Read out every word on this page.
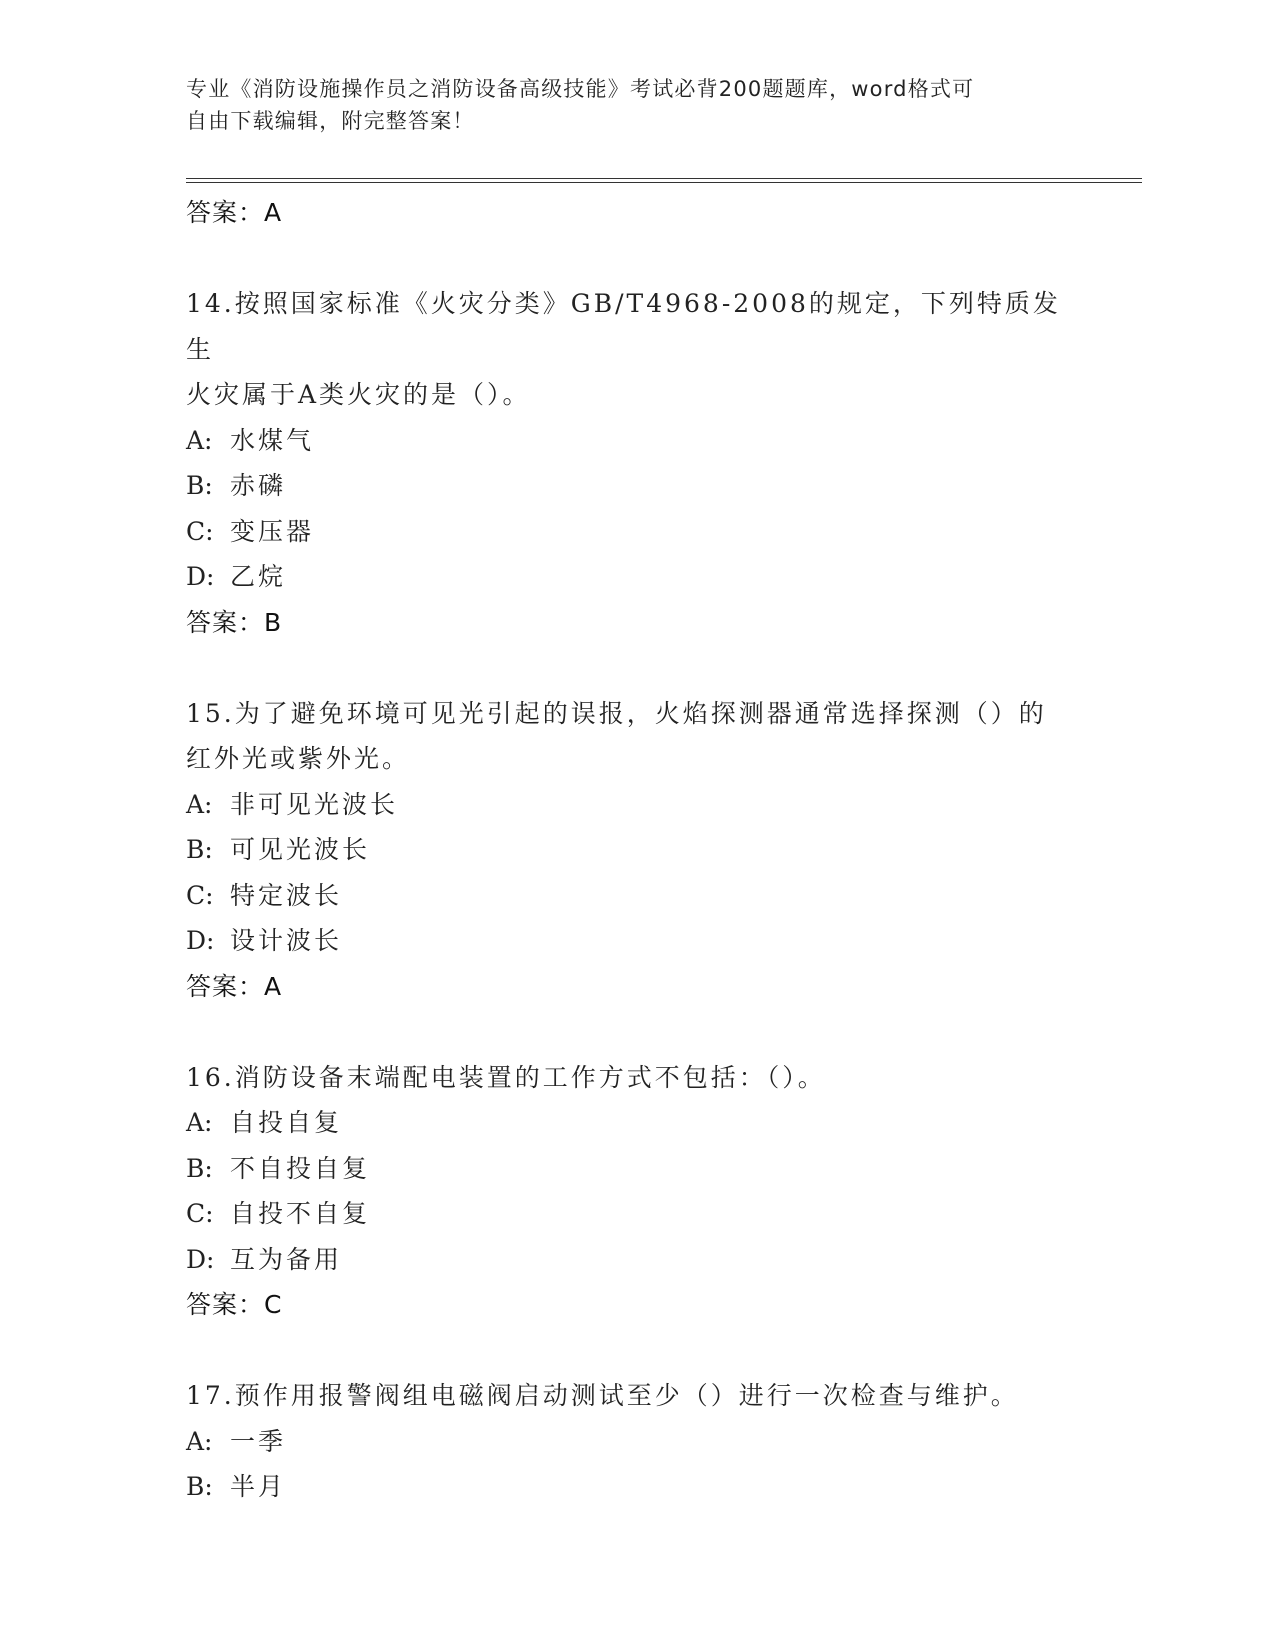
专业《消防设施操作员之消防设备高级技能》考试必背200题题库，word格式可
自由下载编辑，附完整答案！
答案：A
14.按照国家标准《火灾分类》GB/T4968-2008的规定，下列特质发生
火灾属于A类火灾的是（）。
A: 水煤气
B: 赤磷
C: 变压器
D: 乙烷
答案：B
15.为了避免环境可见光引起的误报，火焰探测器通常选择探测（）的
红外光或紫外光。
A: 非可见光波长
B: 可见光波长
C: 特定波长
D: 设计波长
答案：A
16.消防设备末端配电装置的工作方式不包括：（）。
A: 自投自复
B: 不自投自复
C: 自投不自复
D: 互为备用
答案：C
17.预作用报警阀组电磁阀启动测试至少（）进行一次检查与维护。
A: 一季
B: 半月
